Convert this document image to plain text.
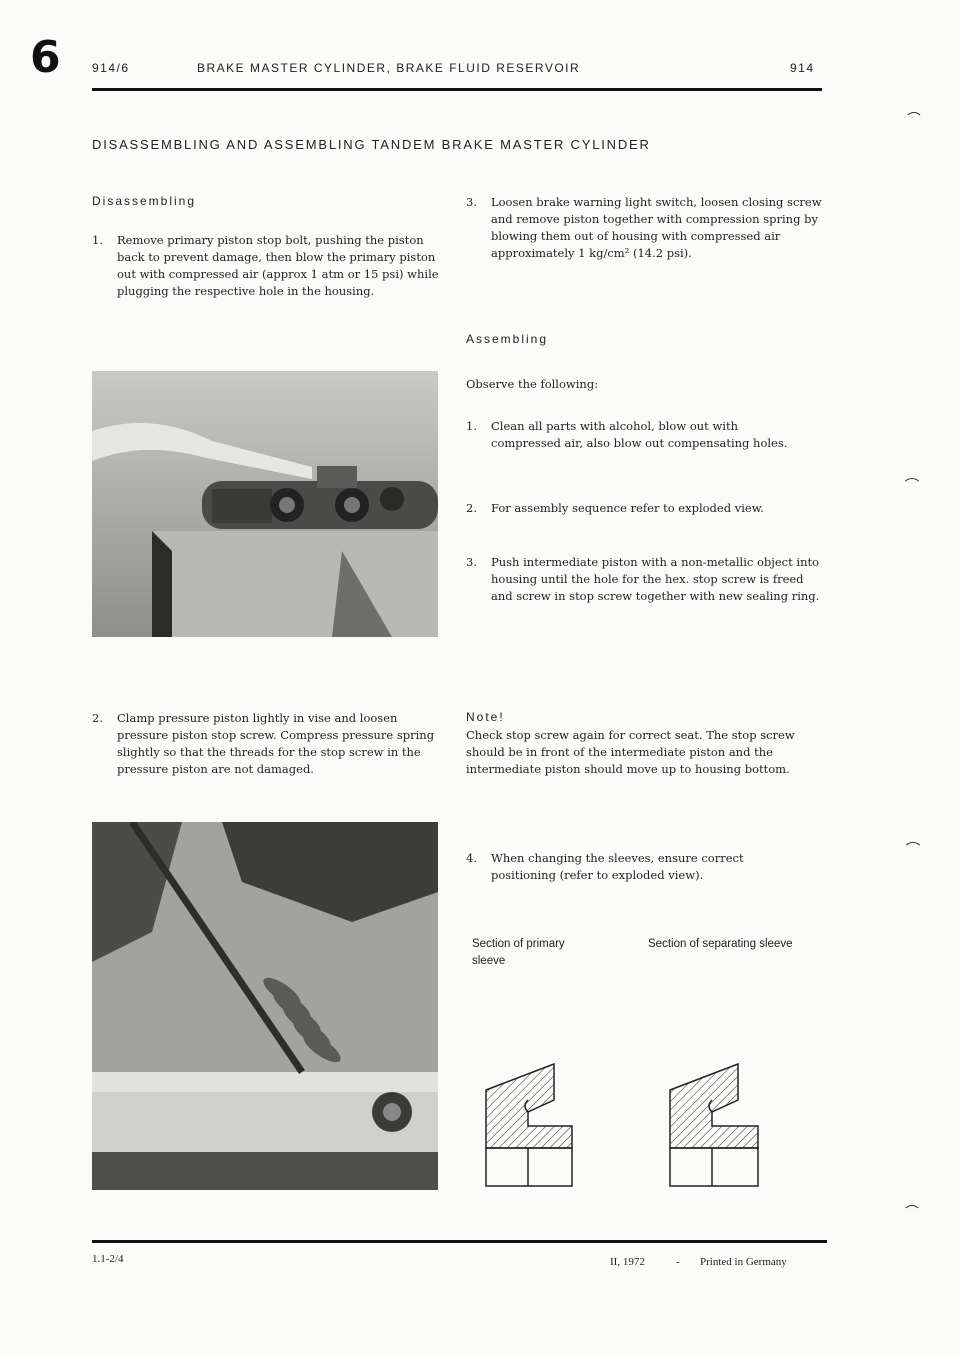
6	914/6	BRAKE MASTER CYLINDER, BRAKE FLUID RESERVOIR	914
DISASSEMBLING AND ASSEMBLING TANDEM BRAKE MASTER CYLINDER
Disassembling
1. Remove primary piston stop bolt, pushing the piston back to prevent damage, then blow the primary piston out with compressed air (approx 1 atm or 15 psi) while plugging the respective hole in the housing.
2. Clamp pressure piston lightly in vise and loosen pressure piston stop screw. Compress pressure spring slightly so that the threads for the stop screw in the pressure piston are not damaged.
3. Loosen brake warning light switch, loosen closing screw and remove piston together with compression spring by blowing them out of housing with compressed air approximately 1 kg/cm² (14.2 psi).
Assembling
Observe the following:
1. Clean all parts with alcohol, blow out with compressed air, also blow out compensating holes.
2. For assembly sequence refer to exploded view.
3. Push intermediate piston with a non-metallic object into housing until the hole for the hex. stop screw is freed and screw in stop screw together with new sealing ring.
Note!
Check stop screw again for correct seat. The stop screw should be in front of the intermediate piston and the intermediate piston should move up to housing bottom.
4. When changing the sleeves, ensure correct positioning (refer to exploded view).
Section of primary sleeve
Section of separating sleeve
1.1-2/4	II, 1972	- Printed in Germany
